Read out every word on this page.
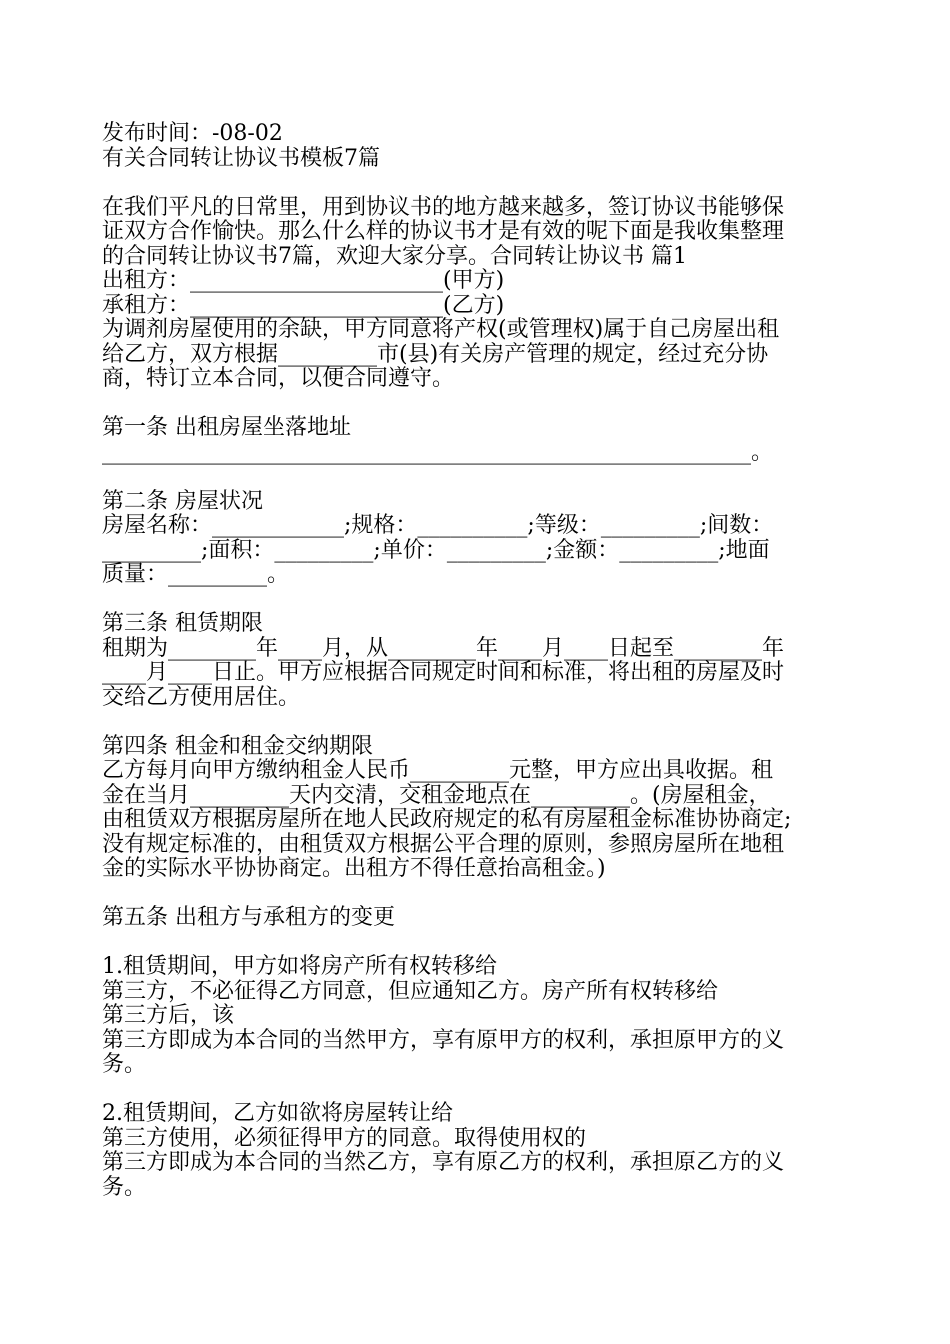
发布时间：-08-02
有关合同转让协议书模板7篇
在我们平凡的日常里，用到协议书的地方越来越多，签订协议书能够保
证双方合作愉快。那么什么样的协议书才是有效的呢下面是我收集整理
的合同转让协议书7篇，欢迎大家分享。合同转让协议书 篇1
出租方：_______________________(甲方)
承租方：_______________________(乙方)
为调剂房屋使用的余缺，甲方同意将产权(或管理权)属于自己房屋出租
给乙方，双方根据_________市(县)有关房产管理的规定，经过充分协
商，特订立本合同，以便合同遵守。
第一条 出租房屋坐落地址
___________________________________________________________。
第二条 房屋状况
房屋名称：____________;规格：__________;等级：_________;间数：
_________;面积：_________;单价：_________;金额：_________;地面
质量：_________。
第三条 租赁期限
租期为________年____月，从________年____月____日起至________年
____月____日止。甲方应根据合同规定时间和标准，将出租的房屋及时
交给乙方使用居住。
第四条 租金和租金交纳期限
乙方每月向甲方缴纳租金人民币_________元整，甲方应出具收据。租
金在当月_________天内交清，交租金地点在_________。(房屋租金，
由租赁双方根据房屋所在地人民政府规定的私有房屋租金标准协协商定;
没有规定标准的，由租赁双方根据公平合理的原则，参照房屋所在地租
金的实际水平协协商定。出租方不得任意抬高租金。)
第五条 出租方与承租方的变更
1.租赁期间，甲方如将房产所有权转移给
第三方，不必征得乙方同意，但应通知乙方。房产所有权转移给
第三方后，该
第三方即成为本合同的当然甲方，享有原甲方的权利，承担原甲方的义
务。
2.租赁期间，乙方如欲将房屋转让给
第三方使用，必须征得甲方的同意。取得使用权的
第三方即成为本合同的当然乙方，享有原乙方的权利，承担原乙方的义
务。
